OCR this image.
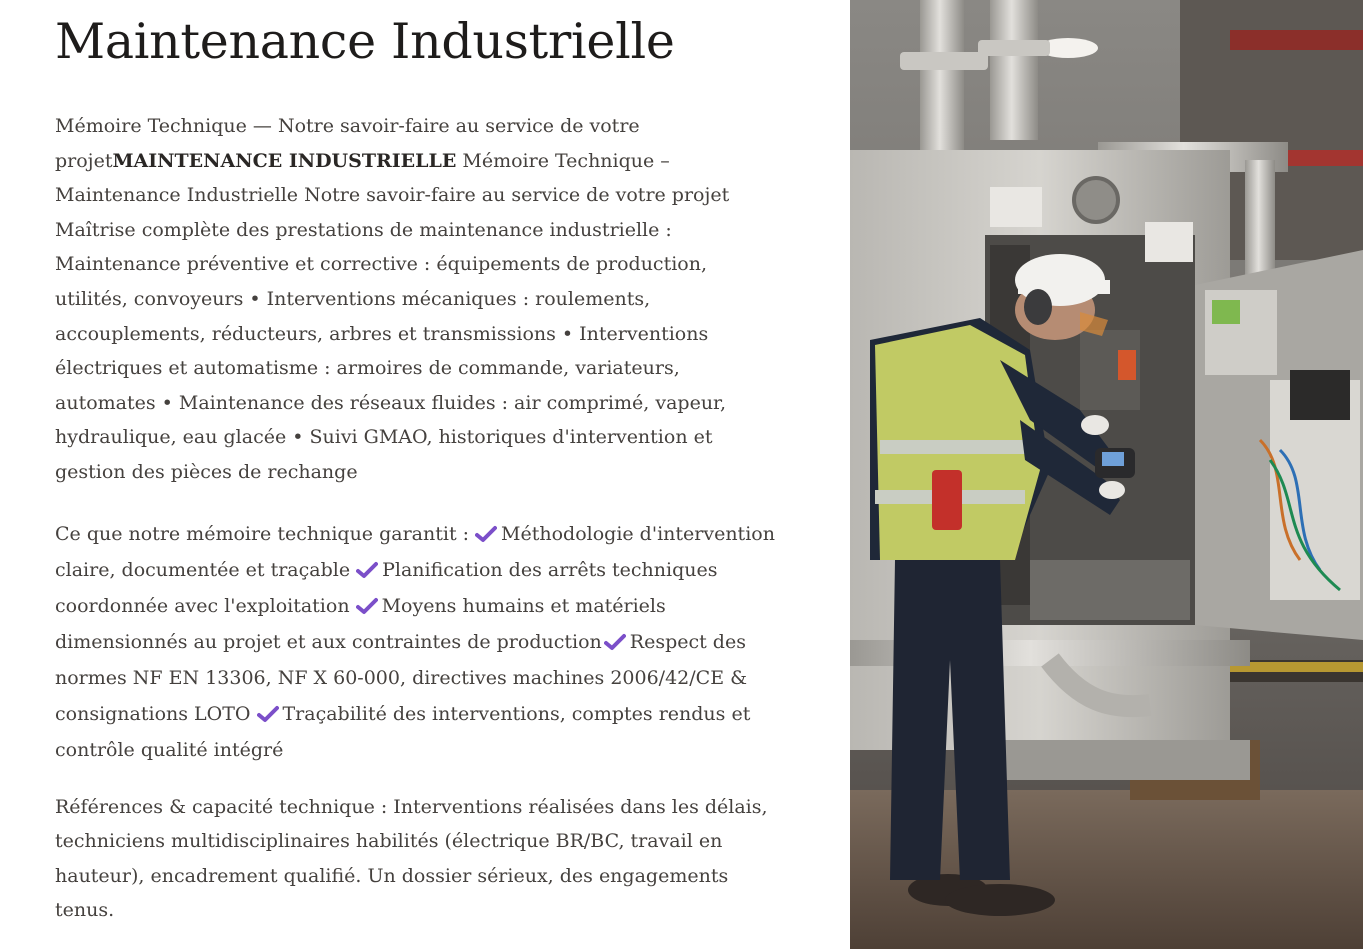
Maintenance Industrielle

Mémoire Technique — Notre savoir-faire au service de votre projetMAINTENANCE INDUSTRIELLE Mémoire Technique – Maintenance Industrielle Notre savoir-faire au service de votre projet Maîtrise complète des prestations de maintenance industrielle : Maintenance préventive et corrective : équipements de production, utilités, convoyeurs • Interventions mécaniques : roulements, accouplements, réducteurs, arbres et transmissions • Interventions électriques et automatisme : armoires de commande, variateurs, automates • Maintenance des réseaux fluides : air comprimé, vapeur, hydraulique, eau glacée • Suivi GMAO, historiques d'intervention et gestion des pièces de rechange

Ce que notre mémoire technique garantit : Méthodologie d'intervention claire, documentée et traçable Planification des arrêts techniques coordonnée avec l'exploitation Moyens humains et matériels dimensionnés au projet et aux contraintes de production Respect des normes NF EN 13306, NF X 60-000, directives machines 2006/42/CE & consignations LOTO Traçabilité des interventions, comptes rendus et contrôle qualité intégré

Références & capacité technique : Interventions réalisées dans les délais, techniciens multidisciplinaires habilités (électrique BR/BC, travail en hauteur), encadrement qualifié. Un dossier sérieux, des engagements tenus.
